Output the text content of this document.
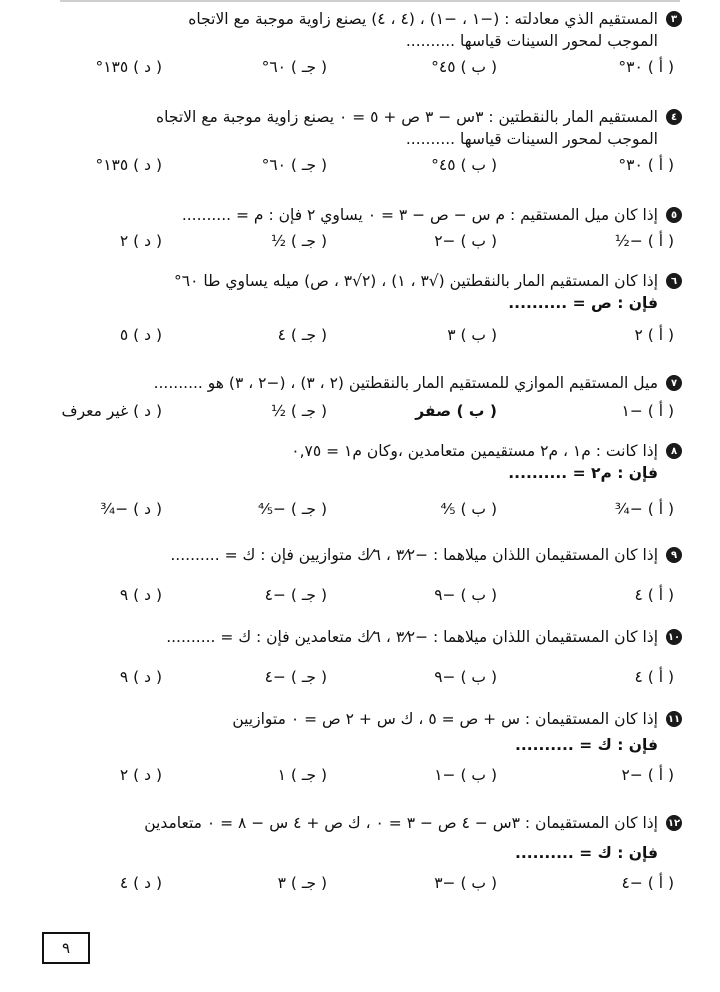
٣
المستقيم الذي معادلته : (−١ ، −١) ، (٤ ، ٤) يصنع زاوية موجبة مع الاتجاه
الموجب لمحور السينات قياسها ..........
( أ ) ٣٠°
( ب ) ٤٥°
( جـ ) ٦٠°
( د ) ١٣٥°
٤
المستقيم المار بالنقطتين : ٣س − ٣ ص + ٥ = ٠ يصنع زاوية موجبة مع الاتجاه
الموجب لمحور السينات قياسها ..........
( أ ) ٣٠°
( ب ) ٤٥°
( جـ ) ٦٠°
( د ) ١٣٥°
٥
إذا كان ميل المستقيم : م س − ص − ٣ = ٠ يساوي ٢ فإن : م = ..........
( أ ) −½
( ب ) −٢
( جـ ) ½
( د ) ٢
٦
إذا كان المستقيم المار بالنقطتين (√٣ ، ١) ، (٢√٣ ، ص) ميله يساوي طا ٦٠°
فإن : ص = ..........
( أ ) ٢
( ب ) ٣
( جـ ) ٤
( د ) ٥
٧
ميل المستقيم الموازي للمستقيم المار بالنقطتين (٢ ، ٣) ، (−٢ ، ٣) هو ..........
( أ ) −١
( ب ) صفر
( جـ ) ½
( د ) غير معرف
٨
إذا كانت : م١ ، م٢ مستقيمين متعامدين ،وكان م١ = ٠,٧٥
فإن : م٢ = ..........
( أ ) −¾
( ب ) ⅘
( جـ ) −⅘
( د ) −¾
٩
إذا كان المستقيمان اللذان ميلاهما : −٣⁄٢ ، ٦⁄ك متوازيين فإن : ك = ..........
( أ ) ٤
( ب ) −٩
( جـ ) −٤
( د ) ٩
١٠
إذا كان المستقيمان اللذان ميلاهما : −٣⁄٢ ، ٦⁄ك متعامدين فإن : ك = ..........
( أ ) ٤
( ب ) −٩
( جـ ) −٤
( د ) ٩
١١
إذا كان المستقيمان : س + ص = ٥ ، ك س + ٢ ص = ٠ متوازيين
فإن : ك = ..........
( أ ) −٢
( ب ) −١
( جـ ) ١
( د ) ٢
١٢
إذا كان المستقيمان : ٣س − ٤ ص − ٣ = ٠ ، ك ص + ٤ س − ٨ = ٠ متعامدين
فإن : ك = ..........
( أ ) −٤
( ب ) −٣
( جـ ) ٣
( د ) ٤
٩
